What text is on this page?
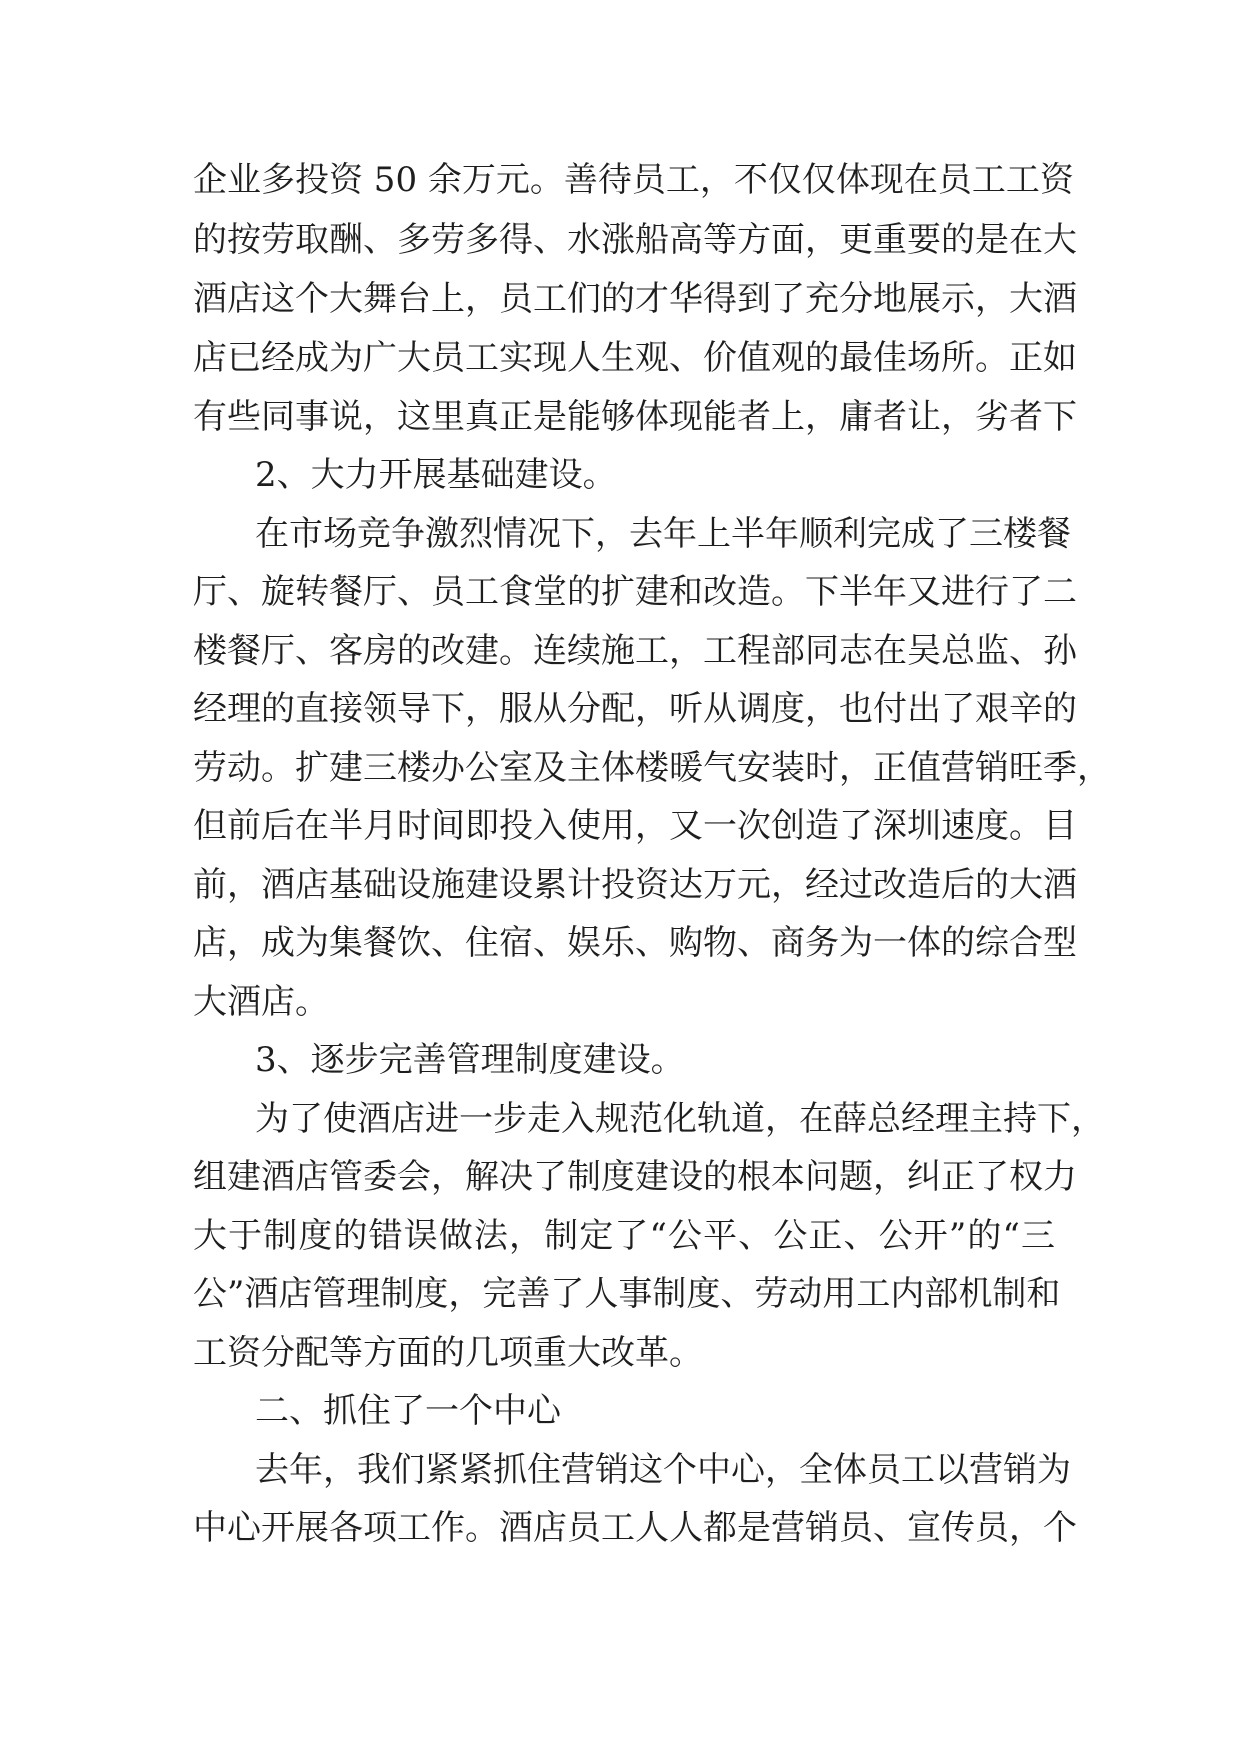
企业多投资 50 余万元。善待员工，不仅仅体现在员工工资
的按劳取酬、多劳多得、水涨船高等方面，更重要的是在大
酒店这个大舞台上，员工们的才华得到了充分地展示，大酒
店已经成为广大员工实现人生观、价值观的最佳场所。正如
有些同事说，这里真正是能够体现能者上，庸者让，劣者下
2、大力开展基础建设。
在市场竞争激烈情况下，去年上半年顺利完成了三楼餐
厅、旋转餐厅、员工食堂的扩建和改造。下半年又进行了二
楼餐厅、客房的改建。连续施工，工程部同志在吴总监、孙
经理的直接领导下，服从分配，听从调度，也付出了艰辛的
劳动。扩建三楼办公室及主体楼暖气安装时，正值营销旺季，
但前后在半月时间即投入使用，又一次创造了深圳速度。目
前，酒店基础设施建设累计投资达万元，经过改造后的大酒
店，成为集餐饮、住宿、娱乐、购物、商务为一体的综合型
大酒店。
3、逐步完善管理制度建设。
为了使酒店进一步走入规范化轨道，在薛总经理主持下，
组建酒店管委会，解决了制度建设的根本问题，纠正了权力
大于制度的错误做法，制定了“公平、公正、公开”的“三
公”酒店管理制度，完善了人事制度、劳动用工内部机制和
工资分配等方面的几项重大改革。
二、抓住了一个中心
去年，我们紧紧抓住营销这个中心，全体员工以营销为
中心开展各项工作。酒店员工人人都是营销员、宣传员，个
